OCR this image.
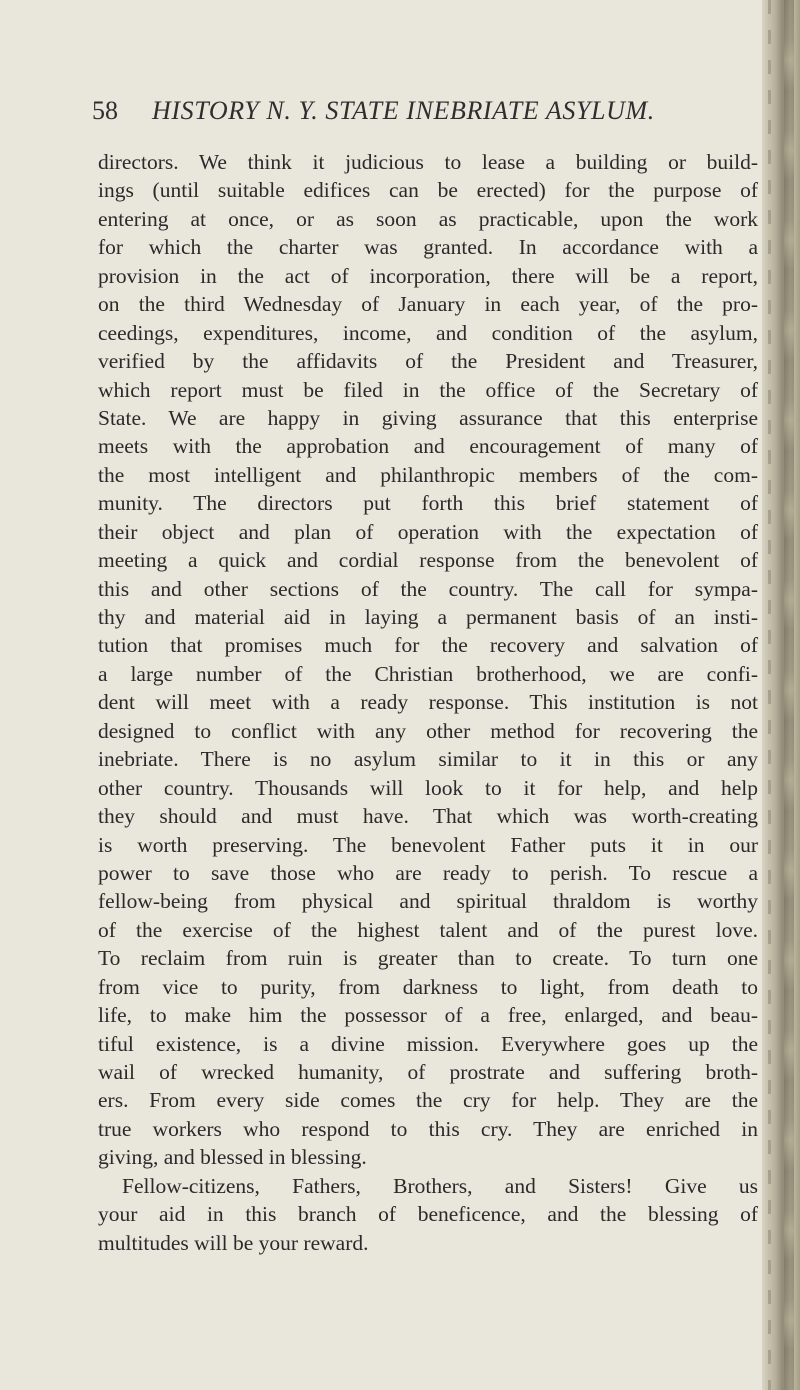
58	HISTORY N. Y. STATE INEBRIATE ASYLUM.
directors. We think it judicious to lease a building or build-
ings (until suitable edifices can be erected) for the purpose of
entering at once, or as soon as practicable, upon the work
for which the charter was granted. In accordance with a
provision in the act of incorporation, there will be a report,
on the third Wednesday of January in each year, of the pro-
ceedings, expenditures, income, and condition of the asylum,
verified by the affidavits of the President and Treasurer,
which report must be filed in the office of the Secretary of
State. We are happy in giving assurance that this enterprise
meets with the approbation and encouragement of many of
the most intelligent and philanthropic members of the com-
munity. The directors put forth this brief statement of
their object and plan of operation with the expectation of
meeting a quick and cordial response from the benevolent of
this and other sections of the country. The call for sympa-
thy and material aid in laying a permanent basis of an insti-
tution that promises much for the recovery and salvation of
a large number of the Christian brotherhood, we are confi-
dent will meet with a ready response. This institution is not
designed to conflict with any other method for recovering the
inebriate. There is no asylum similar to it in this or any
other country. Thousands will look to it for help, and help
they should and must have. That which was worth-creating
is worth preserving. The benevolent Father puts it in our
power to save those who are ready to perish. To rescue a
fellow-being from physical and spiritual thraldom is worthy
of the exercise of the highest talent and of the purest love.
To reclaim from ruin is greater than to create. To turn one
from vice to purity, from darkness to light, from death to
life, to make him the possessor of a free, enlarged, and beau-
tiful existence, is a divine mission. Everywhere goes up the
wail of wrecked humanity, of prostrate and suffering broth-
ers. From every side comes the cry for help. They are the
true workers who respond to this cry. They are enriched in
giving, and blessed in blessing.
Fellow-citizens, Fathers, Brothers, and Sisters! Give us
your aid in this branch of beneficence, and the blessing of
multitudes will be your reward.
